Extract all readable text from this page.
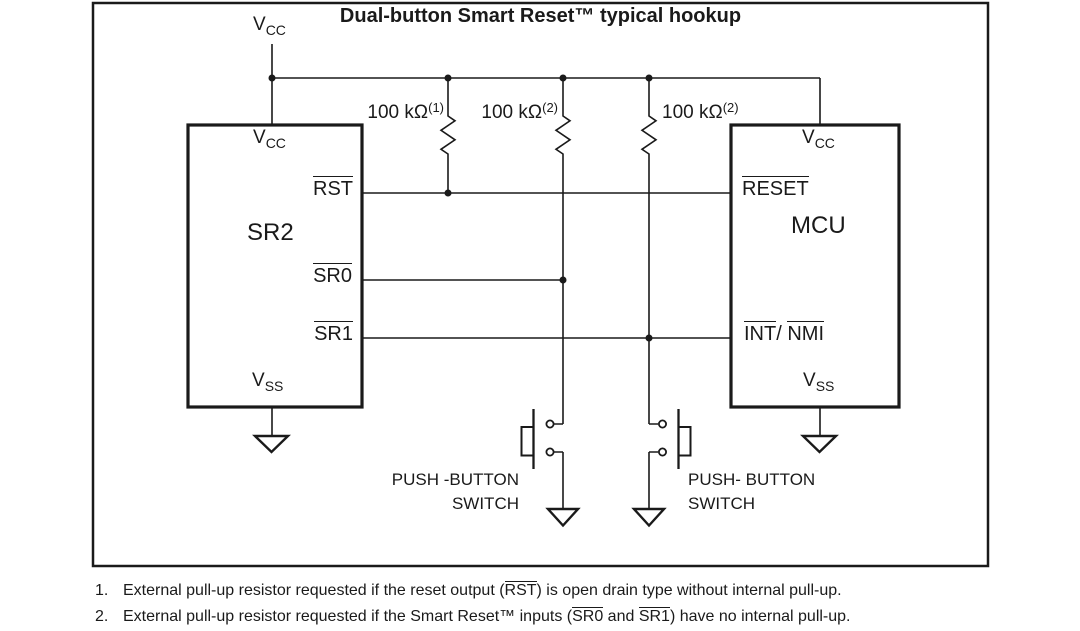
Dual-button Smart Reset™ typical hookup
$V_{CC}$
$V_{CC}$
RST
SR2
SR0
SR1
$V_{SS}$
$V_{CC}$
RESET
MCU
INT/ NMI
$V_{SS}$
100 $k\Omega^{(1)}$ 100 $k\Omega^{(2)}$	100 $k\Omega^{(2)}$
PUSH -BUTTON
SWITCH
PUSH- BUTTON
SWITCH
1. External pull-up resistor requested if the reset output (RST) is open drain type without internal pull-up.
2. External pull-up resistor requested if the Smart Reset™ inputs (SR0 and SR1) have no internal pull-up.
